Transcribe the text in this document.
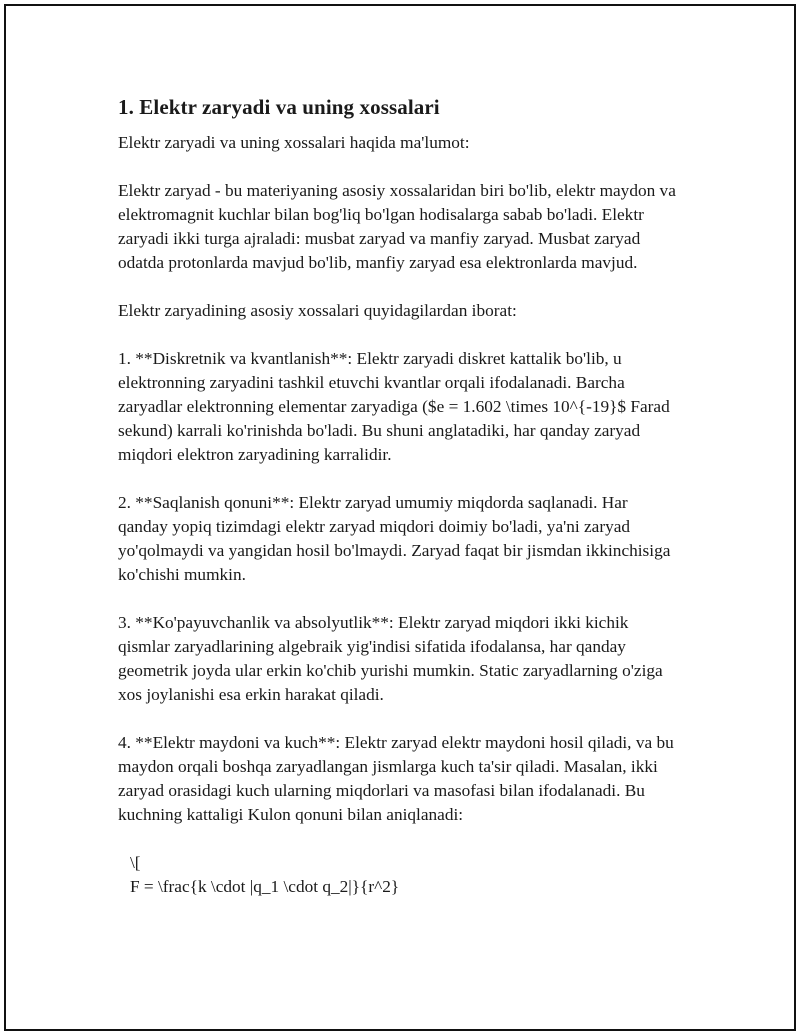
1. Elektr zaryadi va uning xossalari

Elektr zaryadi va uning xossalari haqida ma'lumot:

Elektr zaryad - bu materiyaning asosiy xossalaridan biri bo'lib, elektr maydon va elektromagnit kuchlar bilan bog'liq bo'lgan hodisalarga sabab bo'ladi. Elektr zaryadi ikki turga ajraladi: musbat zaryad va manfiy zaryad. Musbat zaryad odatda protonlarda mavjud bo'lib, manfiy zaryad esa elektronlarda mavjud.

Elektr zaryadining asosiy xossalari quyidagilardan iborat:

1. **Diskretnik va kvantlanish**: Elektr zaryadi diskret kattalik bo'lib, u elektronning zaryadini tashkil etuvchi kvantlar orqali ifodalanadi. Barcha zaryadlar elektronning elementar zaryadiga ($e = 1.602 \times 10^{-19}$ Farad sekund) karrali ko'rinishda bo'ladi. Bu shuni anglatadiki, har qanday zaryad miqdori elektron zaryadining karralidir.

2. **Saqlanish qonuni**: Elektr zaryad umumiy miqdorda saqlanadi. Har qanday yopiq tizimdagi elektr zaryad miqdori doimiy bo'ladi, ya'ni zaryad yo'qolmaydi va yangidan hosil bo'lmaydi. Zaryad faqat bir jismdan ikkinchisiga ko'chishi mumkin.

3. **Ko'payuvchanlik va absolyutlik**: Elektr zaryad miqdori ikki kichik qismlar zaryadlarining algebraik yig'indisi sifatida ifodalansa, har qanday geometrik joyda ular erkin ko'chib yurishi mumkin. Static zaryadlarning o'ziga xos joylanishi esa erkin harakat qiladi.

4. **Elektr maydoni va kuch**: Elektr zaryad elektr maydoni hosil qiladi, va bu maydon orqali boshqa zaryadlangan jismlarga kuch ta'sir qiladi. Masalan, ikki zaryad orasidagi kuch ularning miqdorlari va masofasi bilan ifodalanadi. Bu kuchning kattaligi Kulon qonuni bilan aniqlanadi:

\[
F = \frac{k \cdot |q_1 \cdot q_2|}{r^2}
